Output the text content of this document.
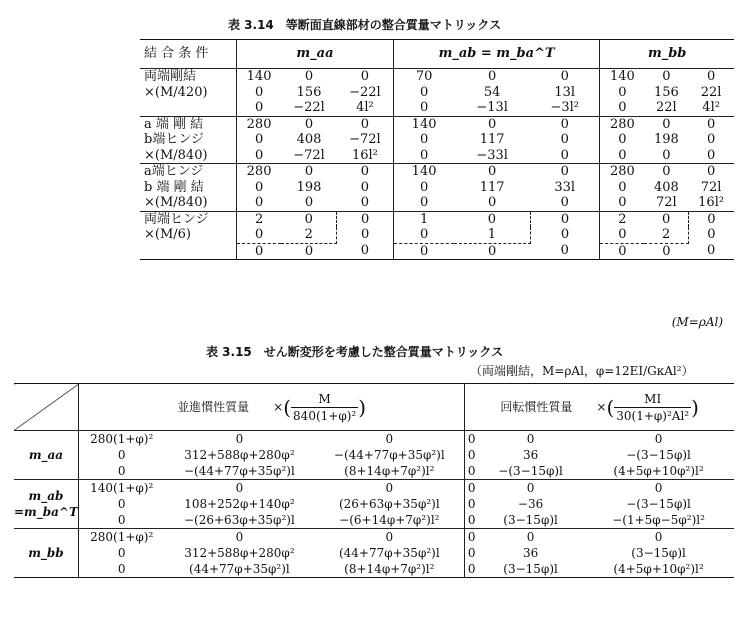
表 3.14　等断面直線部材の整合質量マトリックス
結 合 条 件	m_aa			m_ab = m_ba^T			m_bb		
両端剛結	140	0	0	70	0	0	140	0	0
×(M/420)	0	156	−22l	0	54	13l	0	156	22l
	0	−22l	4l²	0	−13l	−3l²	0	22l	4l²
a 端 剛 結	280	0	0	140	0	0	280	0	0
b端ヒンジ	0	408	−72l	0	117	0	0	198	0
×(M/840)	0	−72l	16l²	0	−33l	0	0	0	0
a端ヒンジ	280	0	0	140	0	0	280	0	0
b 端 剛 結	0	198	0	0	117	33l	0	408	72l
×(M/840)	0	0	0	0	0	0	0	72l	16l²
両端ヒンジ	2	0	0	1	0	0	2	0	0
×(M/6)	0	2	0	0	1	0	0	2	0
	0	0	0	0	0	0	0	0	0
(M=ρAl)
表 3.15　せん断変形を考慮した整合質量マトリックス
（両端剛結，M=ρAl，φ=12EI/GκAl²）
	並進慣性質量　　×( $\frac{M}{\text{840(1+φ)²}}$ )			回転慣性質量　　×( $\frac{MI}{\text{30(1+φ)²Al²}}$ )		

m_aa	280(1+φ)²	0	0	0	0	0
	0	312+588φ+280φ²	−(44+77φ+35φ²)l	0	36	−(3−15φ)l
	0	−(44+77φ+35φ²)l	(8+14φ+7φ²)l²	0	−(3−15φ)l	(4+5φ+10φ²)l²

m_ab
=m_ba^T	140(1+φ)²	0	0	0	0	0
	0	108+252φ+140φ²	(26+63φ+35φ²)l	0	−36	−(3−15φ)l
	0	−(26+63φ+35φ²)l	−(6+14φ+7φ²)l²	0	(3−15φ)l	−(1+5φ−5φ²)l²

m_bb	280(1+φ)²	0	0	0	0	0
	0	312+588φ+280φ²	(44+77φ+35φ²)l	0	36	(3−15φ)l
	0	(44+77φ+35φ²)l	(8+14φ+7φ²)l²	0	(3−15φ)l	(4+5φ+10φ²)l²
